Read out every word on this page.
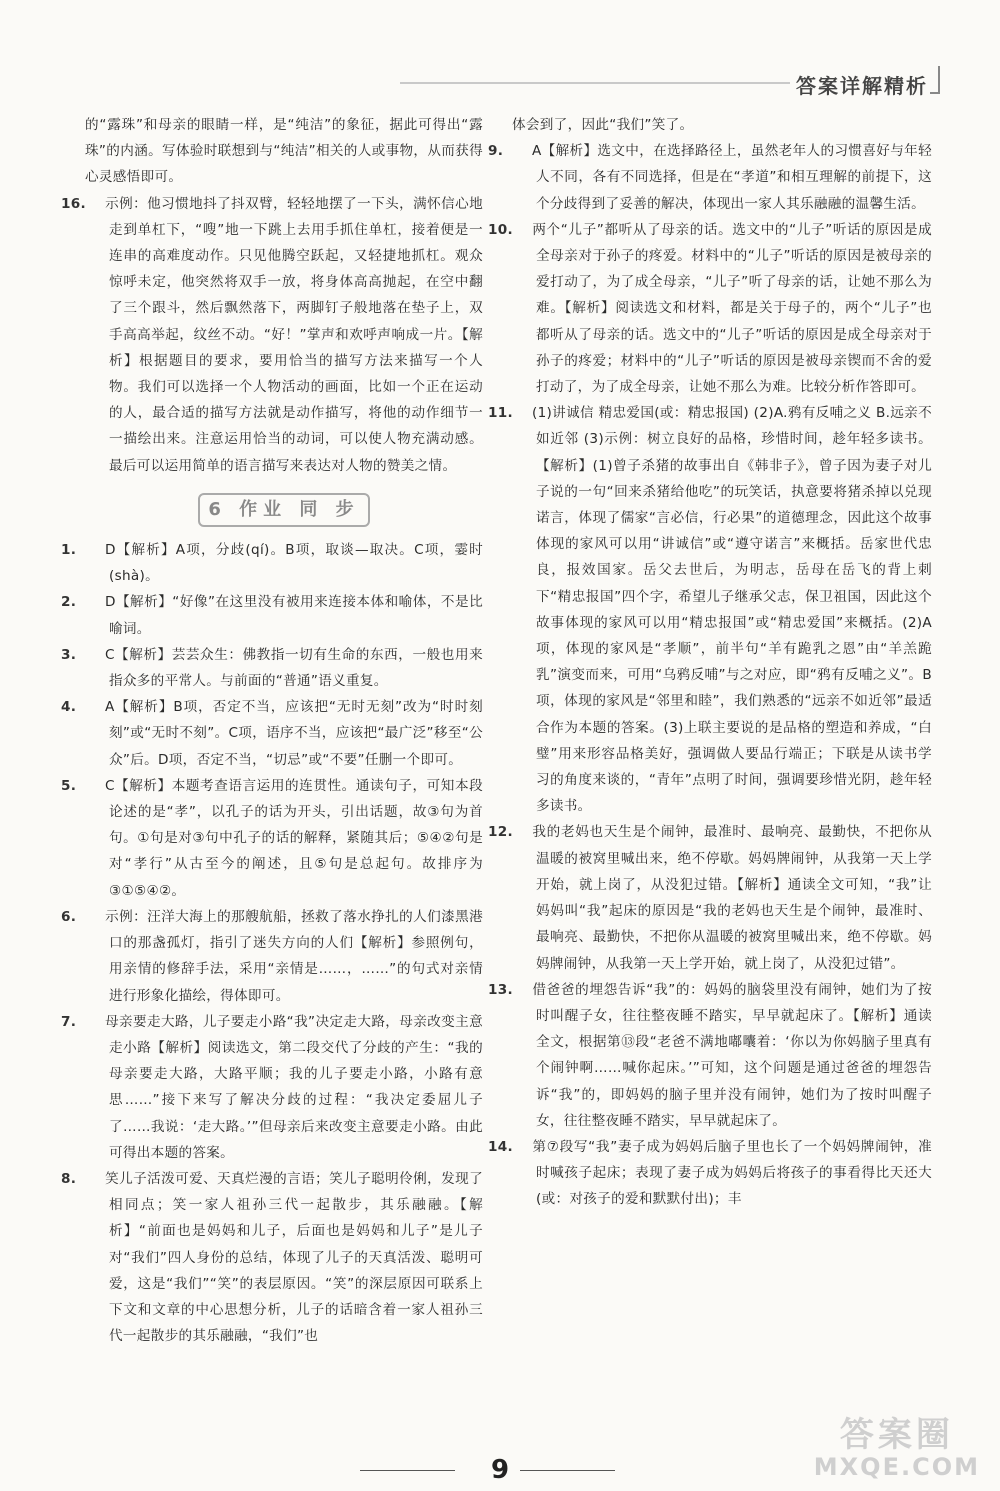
答案详解精析

的“露珠”和母亲的眼睛一样，是“纯洁”的象征，据此可得出“露珠”的内涵。写体验时联想到与“纯洁”相关的人或事物，从而获得心灵感悟即可。

16. 示例：他习惯地抖了抖双臂，轻轻地摆了一下头，满怀信心地走到单杠下，“嗖”地一下跳上去用手抓住单杠，接着便是一连串的高难度动作。只见他腾空跃起，又轻捷地抓杠。观众惊呼未定，他突然将双手一放，将身体高高抛起，在空中翻了三个跟斗，然后飘然落下，两脚钉子般地落在垫子上，双手高高举起，纹丝不动。“好！”掌声和欢呼声响成一片。【解析】根据题目的要求，要用恰当的描写方法来描写一个人物。我们可以选择一个人物活动的画面，比如一个正在运动的人，最合适的描写方法就是动作描写，将他的动作细节一一描绘出来。注意运用恰当的动词，可以使人物充满动感。最后可以运用简单的语言描写来表达对人物的赞美之情。

6 作业 同 步

1. D【解析】A项，分歧(qí)。B项，取谈—取决。C项，霎时(shà)。

2. D【解析】“好像”在这里没有被用来连接本体和喻体，不是比喻词。

3. C【解析】芸芸众生：佛教指一切有生命的东西，一般也用来指众多的平常人。与前面的“普通”语义重复。

4. A【解析】B项，否定不当，应该把“无时无刻”改为“时时刻刻”或“无时不刻”。C项，语序不当，应该把“最广泛”移至“公众”后。D项，否定不当，“切忌”或“不要”任删一个即可。

5. C【解析】本题考查语言运用的连贯性。通读句子，可知本段论述的是“孝”，以孔子的话为开头，引出话题，故③句为首句。①句是对③句中孔子的话的解释，紧随其后；⑤④②句是对“孝行”从古至今的阐述，且⑤句是总起句。故排序为③①⑤④②。

6. 示例：汪洋大海上的那艘航船，拯救了落水挣扎的人们漆黑港口的那盏孤灯，指引了迷失方向的人们【解析】参照例句，用亲情的修辞手法，采用“亲情是……，……”的句式对亲情进行形象化描绘，得体即可。

7. 母亲要走大路，儿子要走小路“我”决定走大路，母亲改变主意走小路【解析】阅读选文，第二段交代了分歧的产生：“我的母亲要走大路，大路平顺；我的儿子要走小路，小路有意思……”接下来写了解决分歧的过程：“我决定委屈儿子了……我说：‘走大路。’”但母亲后来改变主意要走小路。由此可得出本题的答案。

8. 笑儿子活泼可爱、天真烂漫的言语；笑儿子聪明伶俐，发现了相同点；笑一家人祖孙三代一起散步，其乐融融。【解析】“前面也是妈妈和儿子，后面也是妈妈和儿子”是儿子对“我们”四人身份的总结，体现了儿子的天真活泼、聪明可爱，这是“我们”“笑”的表层原因。“笑”的深层原因可联系上下文和文章的中心思想分析，儿子的话暗含着一家人祖孙三代一起散步的其乐融融，“我们”也

体会到了，因此“我们”笑了。

9. A【解析】选文中，在选择路径上，虽然老年人的习惯喜好与年轻人不同，各有不同选择，但是在“孝道”和相互理解的前提下，这个分歧得到了妥善的解决，体现出一家人其乐融融的温馨生活。

10. 两个“儿子”都听从了母亲的话。选文中的“儿子”听话的原因是成全母亲对于孙子的疼爱。材料中的“儿子”听话的原因是被母亲的爱打动了，为了成全母亲，“儿子”听了母亲的话，让她不那么为难。【解析】阅读选文和材料，都是关于母子的，两个“儿子”也都听从了母亲的话。选文中的“儿子”听话的原因是成全母亲对于孙子的疼爱；材料中的“儿子”听话的原因是被母亲锲而不舍的爱打动了，为了成全母亲，让她不那么为难。比较分析作答即可。

11. (1)讲诚信 精忠爱国(或：精忠报国) (2)A.鸦有反哺之义 B.远亲不如近邻 (3)示例：树立良好的品格，珍惜时间，趁年轻多读书。【解析】(1)曾子杀猪的故事出自《韩非子》，曾子因为妻子对儿子说的一句“回来杀猪给他吃”的玩笑话，执意要将猪杀掉以兑现诺言，体现了儒家“言必信，行必果”的道德理念，因此这个故事体现的家风可以用“讲诚信”或“遵守诺言”来概括。岳家世代忠良，报效国家。岳父去世后，为明志，岳母在岳飞的背上刺下“精忠报国”四个字，希望儿子继承父志，保卫祖国，因此这个故事体现的家风可以用“精忠报国”或“精忠爱国”来概括。(2)A项，体现的家风是“孝顺”，前半句“羊有跪乳之恩”由“羊羔跪乳”演变而来，可用“乌鸦反哺”与之对应，即“鸦有反哺之义”。B项，体现的家风是“邻里和睦”，我们熟悉的“远亲不如近邻”最适合作为本题的答案。(3)上联主要说的是品格的塑造和养成，“白璧”用来形容品格美好，强调做人要品行端正；下联是从读书学习的角度来谈的，“青年”点明了时间，强调要珍惜光阴，趁年轻多读书。

12. 我的老妈也天生是个闹钟，最准时、最响亮、最勤快，不把你从温暖的被窝里喊出来，绝不停歇。妈妈牌闹钟，从我第一天上学开始，就上岗了，从没犯过错。【解析】通读全文可知，“我”让妈妈叫“我”起床的原因是“我的老妈也天生是个闹钟，最准时、最响亮、最勤快，不把你从温暖的被窝里喊出来，绝不停歇。妈妈牌闹钟，从我第一天上学开始，就上岗了，从没犯过错”。

13. 借爸爸的埋怨告诉“我”的：妈妈的脑袋里没有闹钟，她们为了按时叫醒子女，往往整夜睡不踏实，早早就起床了。【解析】通读全文，根据第⑬段“老爸不满地嘟囔着：‘你以为你妈脑子里真有个闹钟啊……喊你起床。’”可知，这个问题是通过爸爸的埋怨告诉“我”的，即妈妈的脑子里并没有闹钟，她们为了按时叫醒子女，往往整夜睡不踏实，早早就起床了。

14. 第⑦段写“我”妻子成为妈妈后脑子里也长了一个妈妈牌闹钟，准时喊孩子起床；表现了妻子成为妈妈后将孩子的事看得比天还大(或：对孩子的爱和默默付出)；丰

9
答案圈
MXQE.COM
